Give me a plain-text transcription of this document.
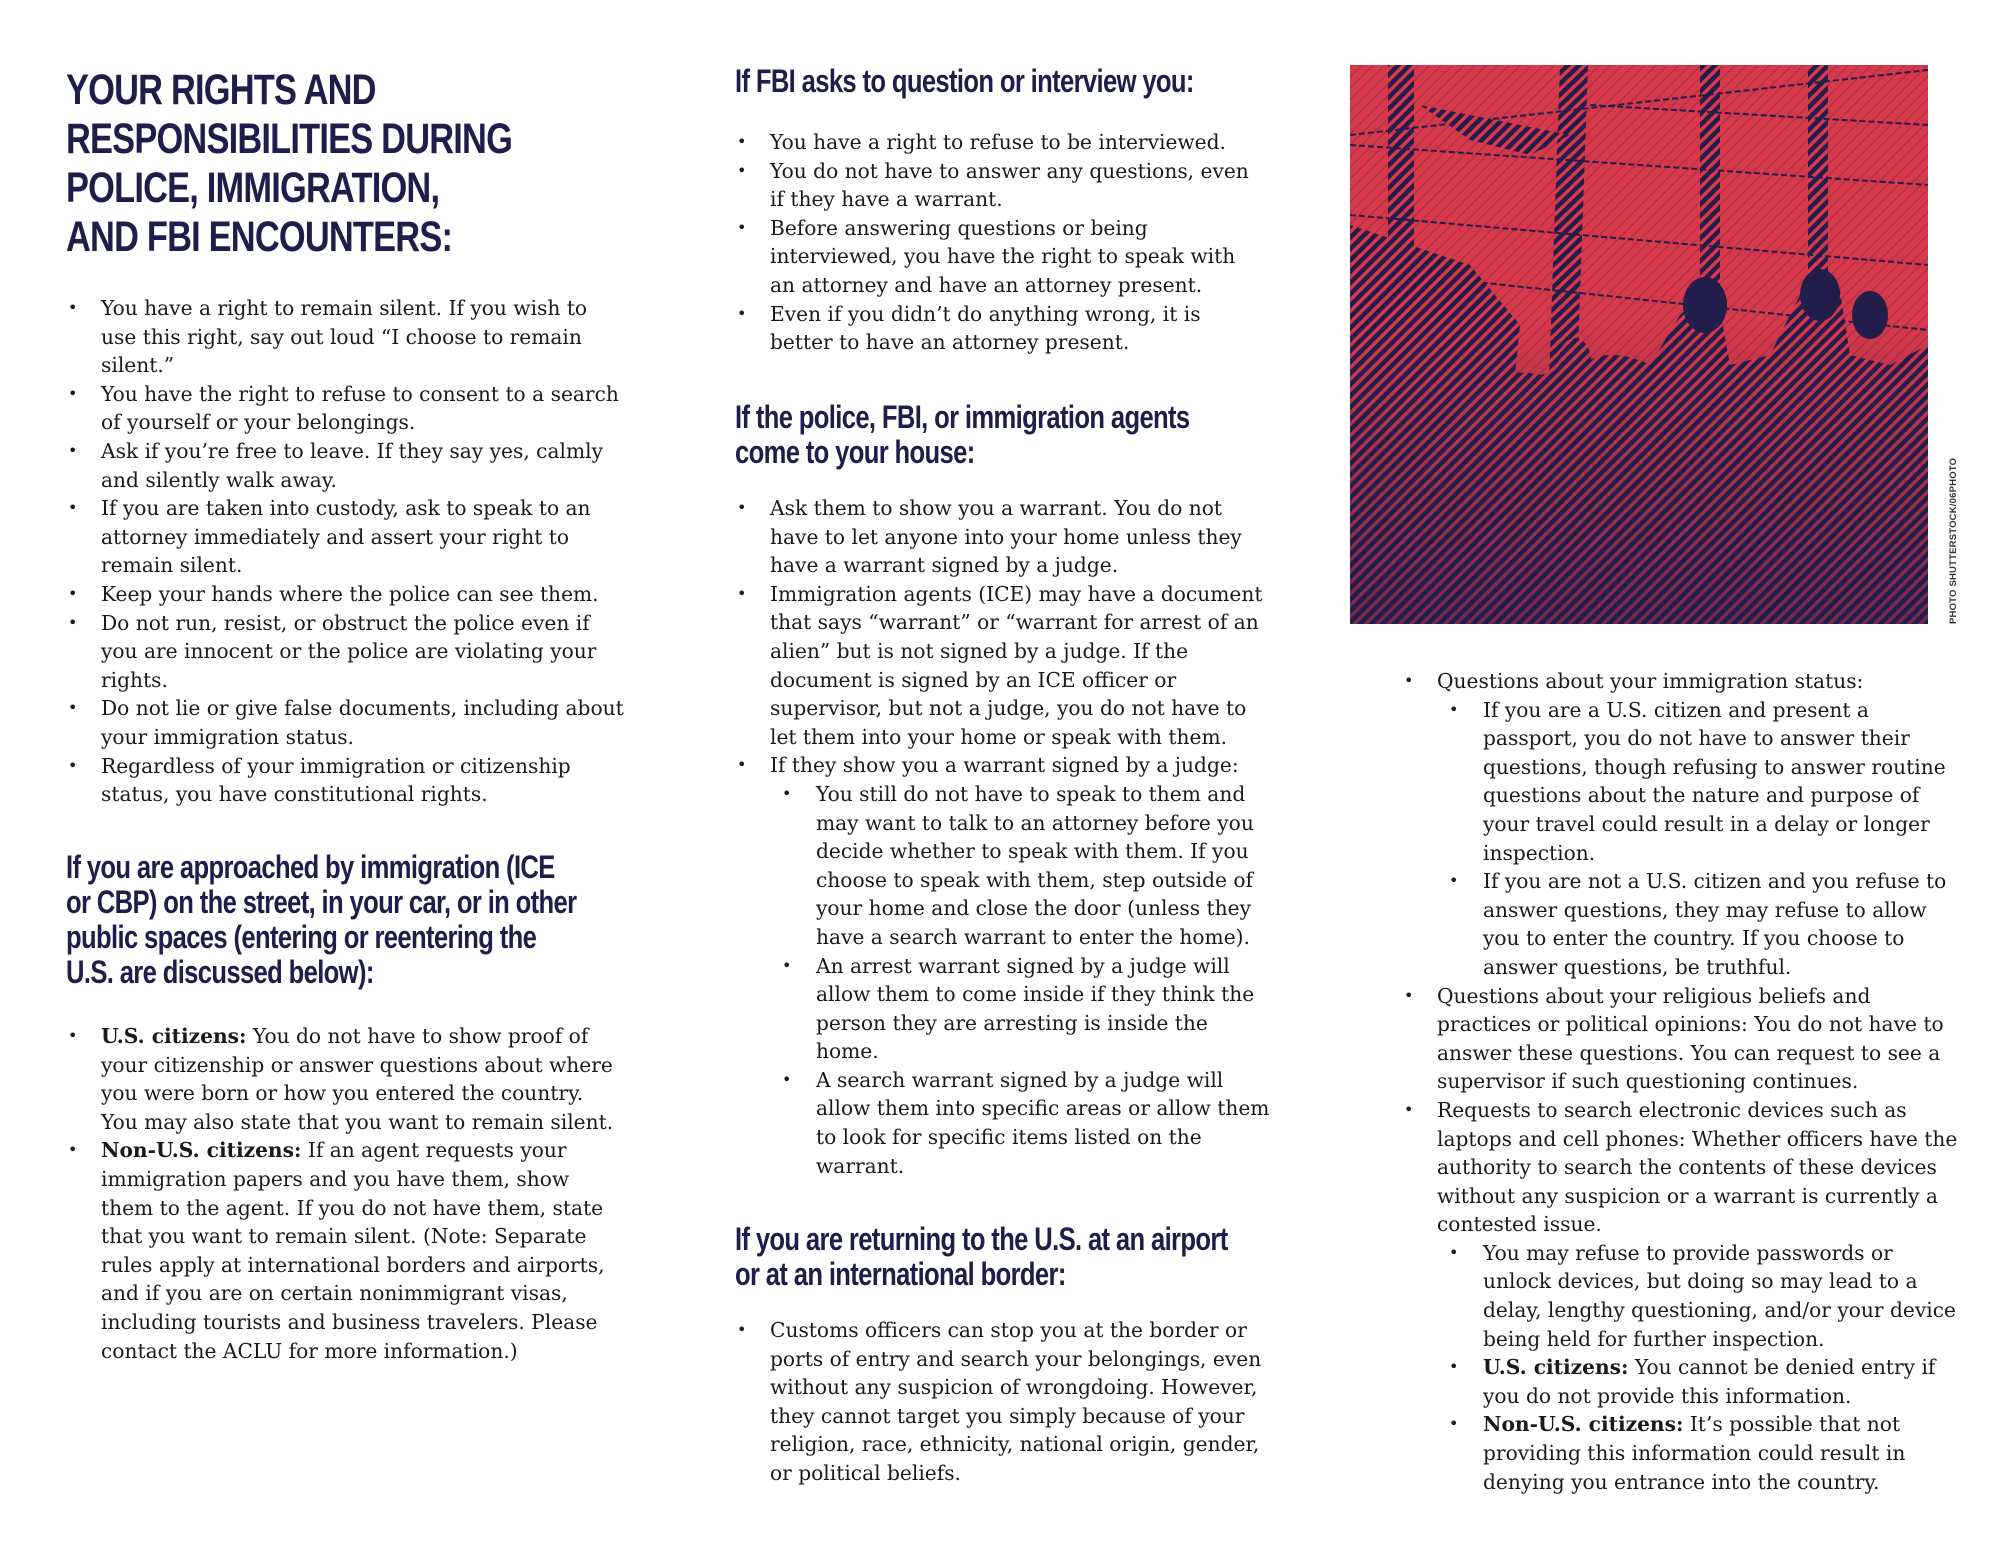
YOUR RIGHTS AND
RESPONSIBILITIES DURING
POLICE, IMMIGRATION,
AND FBI ENCOUNTERS:
• You have a right to remain silent. If you wish to use this right, say out loud “I choose to remain silent.”
• You have the right to refuse to consent to a search of yourself or your belongings.
• Ask if you’re free to leave. If they say yes, calmly and silently walk away.
• If you are taken into custody, ask to speak to an attorney immediately and assert your right to remain silent.
• Keep your hands where the police can see them.
• Do not run, resist, or obstruct the police even if you are innocent or the police are violating your rights.
• Do not lie or give false documents, including about your immigration status.
• Regardless of your immigration or citizenship status, you have constitutional rights.
If you are approached by immigration (ICE
or CBP) on the street, in your car, or in other
public spaces (entering or reentering the
U.S. are discussed below):
• U.S. citizens: You do not have to show proof of your citizenship or answer questions about where you were born or how you entered the country. You may also state that you want to remain silent.
• Non-U.S. citizens: If an agent requests your immigration papers and you have them, show them to the agent. If you do not have them, state that you want to remain silent. (Note: Separate rules apply at international borders and airports, and if you are on certain nonimmigrant visas, including tourists and business travelers. Please contact the ACLU for more information.)
If FBI asks to question or interview you:
• You have a right to refuse to be interviewed.
• You do not have to answer any questions, even if they have a warrant.
• Before answering questions or being interviewed, you have the right to speak with an attorney and have an attorney present.
• Even if you didn’t do anything wrong, it is better to have an attorney present.
If the police, FBI, or immigration agents
come to your house:
• Ask them to show you a warrant. You do not have to let anyone into your home unless they have a warrant signed by a judge.
• Immigration agents (ICE) may have a document that says “warrant” or “warrant for arrest of an alien” but is not signed by a judge. If the document is signed by an ICE officer or supervisor, but not a judge, you do not have to let them into your home or speak with them.
• If they show you a warrant signed by a judge:
• You still do not have to speak to them and may want to talk to an attorney before you decide whether to speak with them. If you choose to speak with them, step outside of your home and close the door (unless they have a search warrant to enter the home).
• An arrest warrant signed by a judge will allow them to come inside if they think the person they are arresting is inside the home.
• A search warrant signed by a judge will allow them into specific areas or allow them to look for specific items listed on the warrant.
If you are returning to the U.S. at an airport
or at an international border:
• Customs officers can stop you at the border or ports of entry and search your belongings, even without any suspicion of wrongdoing. However, they cannot target you simply because of your religion, race, ethnicity, national origin, gender, or political beliefs.
PHOTO SHUTTERSTOCK/06PHOTO
• Questions about your immigration status:
• If you are a U.S. citizen and present a passport, you do not have to answer their questions, though refusing to answer routine questions about the nature and purpose of your travel could result in a delay or longer inspection.
• If you are not a U.S. citizen and you refuse to answer questions, they may refuse to allow you to enter the country. If you choose to answer questions, be truthful.
• Questions about your religious beliefs and practices or political opinions: You do not have to answer these questions. You can request to see a supervisor if such questioning continues.
• Requests to search electronic devices such as laptops and cell phones: Whether officers have the authority to search the contents of these devices without any suspicion or a warrant is currently a contested issue.
• You may refuse to provide passwords or unlock devices, but doing so may lead to a delay, lengthy questioning, and/or your device being held for further inspection.
• U.S. citizens: You cannot be denied entry if you do not provide this information.
• Non-U.S. citizens: It’s possible that not providing this information could result in denying you entrance into the country.
